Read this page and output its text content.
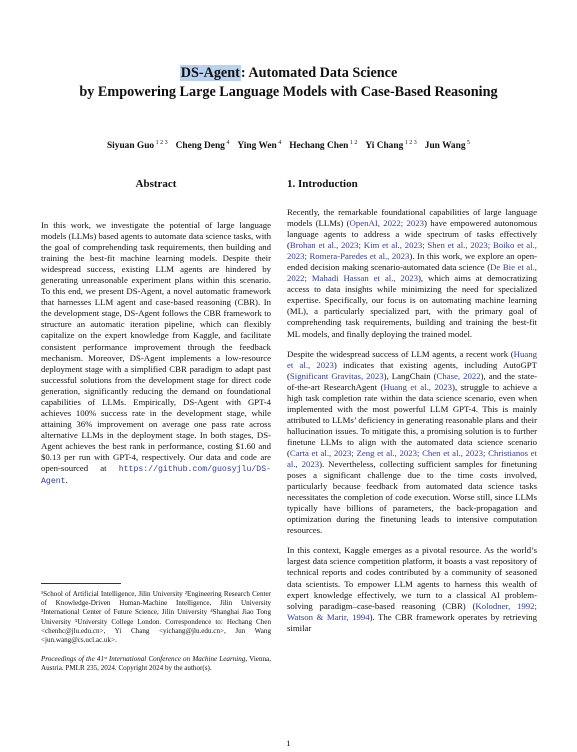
DS-Agent: Automated Data Science
by Empowering Large Language Models with Case-Based Reasoning
Siyuan Guo $^{1 2 3}$ Cheng Deng $^4$ Ying Wen $^4$ Hechang Chen $^{1 2}$ Yi Chang $^{1 2 3}$ Jun Wang $^5$
Abstract

In this work, we investigate the potential of large language models (LLMs) based agents to automate data science tasks, with the goal of comprehending task requirements, then building and training the best-fit machine learning models. Despite their widespread success, existing LLM agents are hindered by generating unreasonable experiment plans within this scenario. To this end, we present DS-Agent, a novel automatic framework that harnesses LLM agent and case-based reasoning (CBR). In the development stage, DS-Agent follows the CBR framework to structure an automatic iteration pipeline, which can flexibly capitalize on the expert knowledge from Kaggle, and facilitate consistent performance improvement through the feedback mechanism. Moreover, DS-Agent implements a low-resource deployment stage with a simplified CBR paradigm to adapt past successful solutions from the development stage for direct code generation, significantly reducing the demand on foundational capabilities of LLMs. Empirically, DS-Agent with GPT-4 achieves 100% success rate in the development stage, while attaining 36% improvement on average one pass rate across alternative LLMs in the deployment stage. In both stages, DS-Agent achieves the best rank in performance, costing $1.60 and $0.13 per run with GPT-4, respectively. Our data and code are open-sourced at https://github.com/guosyjlu/DS-Agent.

1. Introduction

Recently, the remarkable foundational capabilities of large language models (LLMs) (OpenAI, 2022; 2023) have empowered autonomous language agents to address a wide spectrum of tasks effectively (Brohan et al., 2023; Kim et al., 2023; Shen et al., 2023; Boiko et al., 2023; Romera-Paredes et al., 2023). In this work, we explore an open-ended decision making scenario-automated data science (De Bie et al., 2022; Mahadi Hassan et al., 2023), which aims at democratizing access to data insights while minimizing the need for specialized expertise. Specifically, our focus is on automating machine learning (ML), a particularly specialized part, with the primary goal of comprehending task requirements, building and training the best-fit ML models, and finally deploying the trained model.

Despite the widespread success of LLM agents, a recent work (Huang et al., 2023) indicates that existing agents, including AutoGPT (Significant Gravitas, 2023), LangChain (Chase, 2022), and the state-of-the-art ResearchAgent (Huang et al., 2023), struggle to achieve a high task completion rate within the data science scenario, even when implemented with the most powerful LLM GPT-4. This is mainly attributed to LLMs’ deficiency in generating reasonable plans and their hallucination issues. To mitigate this, a promising solution is to further finetune LLMs to align with the automated data science scenario (Carta et al., 2023; Zeng et al., 2023; Chen et al., 2023; Christianos et al., 2023). Nevertheless, collecting sufficient samples for finetuning poses a significant challenge due to the time costs involved, particularly because feedback from automated data science tasks necessitates the completion of code execution. Worse still, since LLMs typically have billions of parameters, the back-propagation and optimization during the finetuning leads to intensive computation resources.

In this context, Kaggle emerges as a pivotal resource. As the world’s largest data science competition platform, it boasts a vast repository of technical reports and codes contributed by a community of seasoned data scientists. To empower LLM agents to harness this wealth of expert knowledge effectively, we turn to a classical AI problem-solving paradigm–case-based reasoning (CBR) (Kolodner, 1992; Watson & Marir, 1994). The CBR framework operates by retrieving similar

¹School of Artificial Intelligence, Jilin University ²Engineering Research Center of Knowledge-Driven Human-Machine Intelligence, Jilin University ³International Center of Future Science, Jilin University ⁴Shanghai Jiao Tong University ⁵University College London. Correspondence to: Hechang Chen <chenhc@jlu.edu.cn>, Yi Chang <yichang@jlu.edu.cn>, Jun Wang <jun.wang@cs.ucl.ac.uk>.
Proceedings of the 41ˢᵗ International Conference on Machine Learning, Vienna, Austria. PMLR 235, 2024. Copyright 2024 by the author(s).
1
